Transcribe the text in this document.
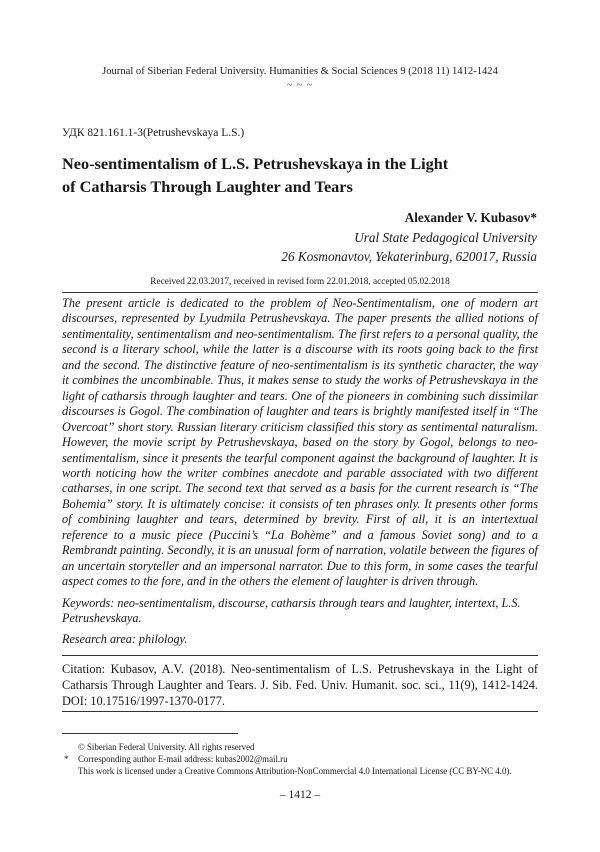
Journal of Siberian Federal University. Humanities & Social Sciences 9 (2018 11) 1412-1424
~ ~ ~
УДК 821.161.1-3(Petrushevskaya L.S.)
Neo-sentimentalism of L.S. Petrushevskaya in the Light
of Catharsis Through Laughter and Tears
Alexander V. Kubasov*
Ural State Pedagogical University
26 Kosmonavtov, Yekaterinburg, 620017, Russia
Received 22.03.2017, received in revised form 22.01.2018, accepted 05.02.2018

The present article is dedicated to the problem of Neo-Sentimentalism, one of modern art discourses, represented by Lyudmila Petrushevskaya. The paper presents the allied notions of sentimentality, sentimentalism and neo-sentimentalism. The first refers to a personal quality, the second is a literary school, while the latter is a discourse with its roots going back to the first and the second. The distinctive feature of neo-sentimentalism is its synthetic character, the way it combines the uncombinable. Thus, it makes sense to study the works of Petrushevskaya in the light of catharsis through laughter and tears. One of the pioneers in combining such dissimilar discourses is Gogol. The combination of laughter and tears is brightly manifested itself in “The Overcoat” short story. Russian literary criticism classified this story as sentimental naturalism. However, the movie script by Petrushevskaya, based on the story by Gogol, belongs to neo-sentimentalism, since it presents the tearful component against the background of laughter. It is worth noticing how the writer combines anecdote and parable associated with two different catharses, in one script. The second text that served as a basis for the current research is “The Bohemia” story. It is ultimately concise: it consists of ten phrases only. It presents other forms of combining laughter and tears, determined by brevity. First of all, it is an intertextual reference to a music piece (Puccini’s “La Bohème” and a famous Soviet song) and to a Rembrandt painting. Secondly, it is an unusual form of narration, volatile between the figures of an uncertain storyteller and an impersonal narrator. Due to this form, in some cases the tearful aspect comes to the fore, and in the others the element of laughter is driven through.

Keywords: neo-sentimentalism, discourse, catharsis through tears and laughter, intertext, L.S. Petrushevskaya.

Research area: philology.

Citation: Kubasov, A.V. (2018). Neo-sentimentalism of L.S. Petrushevskaya in the Light of Catharsis Through Laughter and Tears. J. Sib. Fed. Univ. Humanit. soc. sci., 11(9), 1412-1424. DOI: 10.17516/1997-1370-0177.

© Siberian Federal University. All rights reserved
* Corresponding author E-mail address: kubas2002@mail.ru
This work is licensed under a Creative Commons Attribution-NonCommercial 4.0 International License (CC BY-NC 4.0).
– 1412 –
